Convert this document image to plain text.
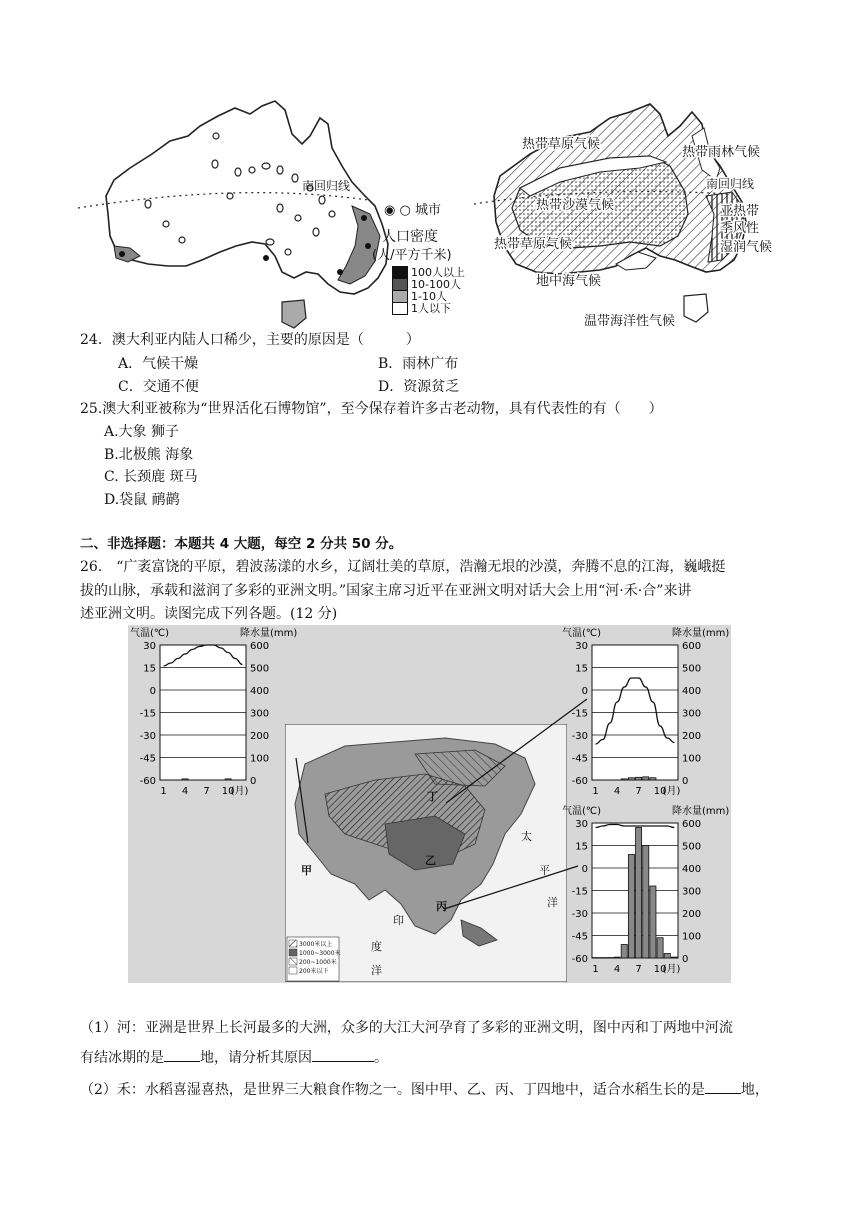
南回归线
◉ ○ 城市
人口密度
(人/平方千米)
100人以上
10-100人
1-10人
1人以下
热带草原气候
热带雨林气候
南回归线
热带沙漠气候	亚热带
季风性
湿润气候
热带草原气候
地中海气候
温带海洋性气候
24．澳大利亚内陆人口稀少，主要的原因是（　　　）
A．气候干燥	B．雨林广布
C．交通不便	D．资源贫乏
25.澳大利亚被称为“世界活化石博物馆”，至今保存着许多古老动物，具有代表性的有（　　）
A.大象 狮子
B.北极熊 海象
C. 长颈鹿 斑马
D.袋鼠 鸸鹋
二、非选择题：本题共 4 大题，每空 2 分共 50 分。
26.　“广袤富饶的平原，碧波荡漾的水乡，辽阔壮美的草原，浩瀚无垠的沙漠，奔腾不息的江海，巍峨挺
拔的山脉，承载和滋润了多彩的亚洲文明。”国家主席习近平在亚洲文明对话大会上用“河·禾·合”来讲
述亚洲文明。读图完成下列各题。(12 分)
丁
甲
乙
丙
太
平
洋
印
度
洋
3000米以上
1000~3000米
200~1000米
200米以下
气温(℃)	降水量(mm)
30
15
0
-15
-30
-45
-60
600
500
400
300
200
100
0
1 4 7 10
(月)
气温(℃)	降水量(mm)
30
15
0
-15
-30
-45
-60
600
500
400
300
200
100
0
1 4 7 10
(月)
气温(℃)	降水量(mm)
30
15
0
-15
-30
-45
-60
600
500
400
300
200
100
0
1 4 7 10
(月)
（1）河：亚洲是世界上长河最多的大洲，众多的大江大河孕育了多彩的亚洲文明，图中丙和丁两地中河流
有结冰期的是	地，请分析其原因	。
（2）禾：水稻喜湿喜热，是世界三大粮食作物之一。图中甲、乙、丙、丁四地中，适合水稻生长的是	地，
